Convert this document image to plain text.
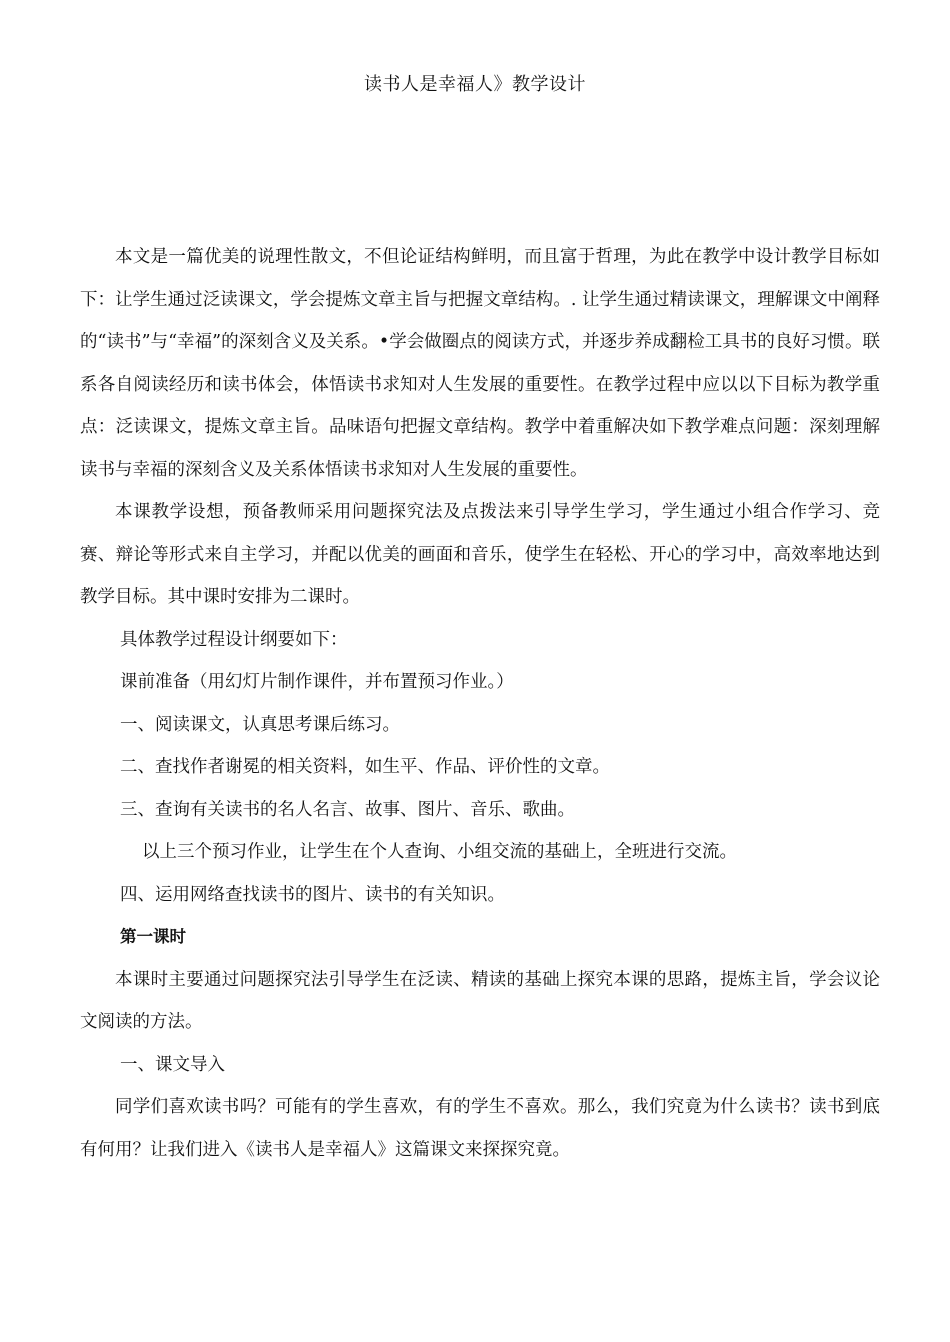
读书人是幸福人》教学设计

本文是一篇优美的说理性散文，不但论证结构鲜明，而且富于哲理，为此在教学中设计教学目标如下：让学生通过泛读课文，学会提炼文章主旨与把握文章结构。. 让学生通过精读课文，理解课文中阐释的“读书”与“幸福”的深刻含义及关系。•学会做圈点的阅读方式，并逐步养成翻检工具书的良好习惯。联系各自阅读经历和读书体会，体悟读书求知对人生发展的重要性。在教学过程中应以以下目标为教学重点：泛读课文，提炼文章主旨。品味语句把握文章结构。教学中着重解决如下教学难点问题：深刻理解读书与幸福的深刻含义及关系体悟读书求知对人生发展的重要性。

本课教学设想，预备教师采用问题探究法及点拨法来引导学生学习，学生通过小组合作学习、竞赛、辩论等形式来自主学习，并配以优美的画面和音乐，使学生在轻松、开心的学习中，高效率地达到教学目标。其中课时安排为二课时。

具体教学过程设计纲要如下：

课前准备（用幻灯片制作课件，并布置预习作业。）

一、阅读课文，认真思考课后练习。

二、查找作者谢冕的相关资料，如生平、作品、评价性的文章。

三、查询有关读书的名人名言、故事、图片、音乐、歌曲。

以上三个预习作业，让学生在个人查询、小组交流的基础上，全班进行交流。

四、运用网络查找读书的图片、读书的有关知识。

第一课时

本课时主要通过问题探究法引导学生在泛读、精读的基础上探究本课的思路，提炼主旨，学会议论文阅读的方法。

一、课文导入

同学们喜欢读书吗？可能有的学生喜欢，有的学生不喜欢。那么，我们究竟为什么读书？读书到底有何用？让我们进入《读书人是幸福人》这篇课文来探探究竟。
